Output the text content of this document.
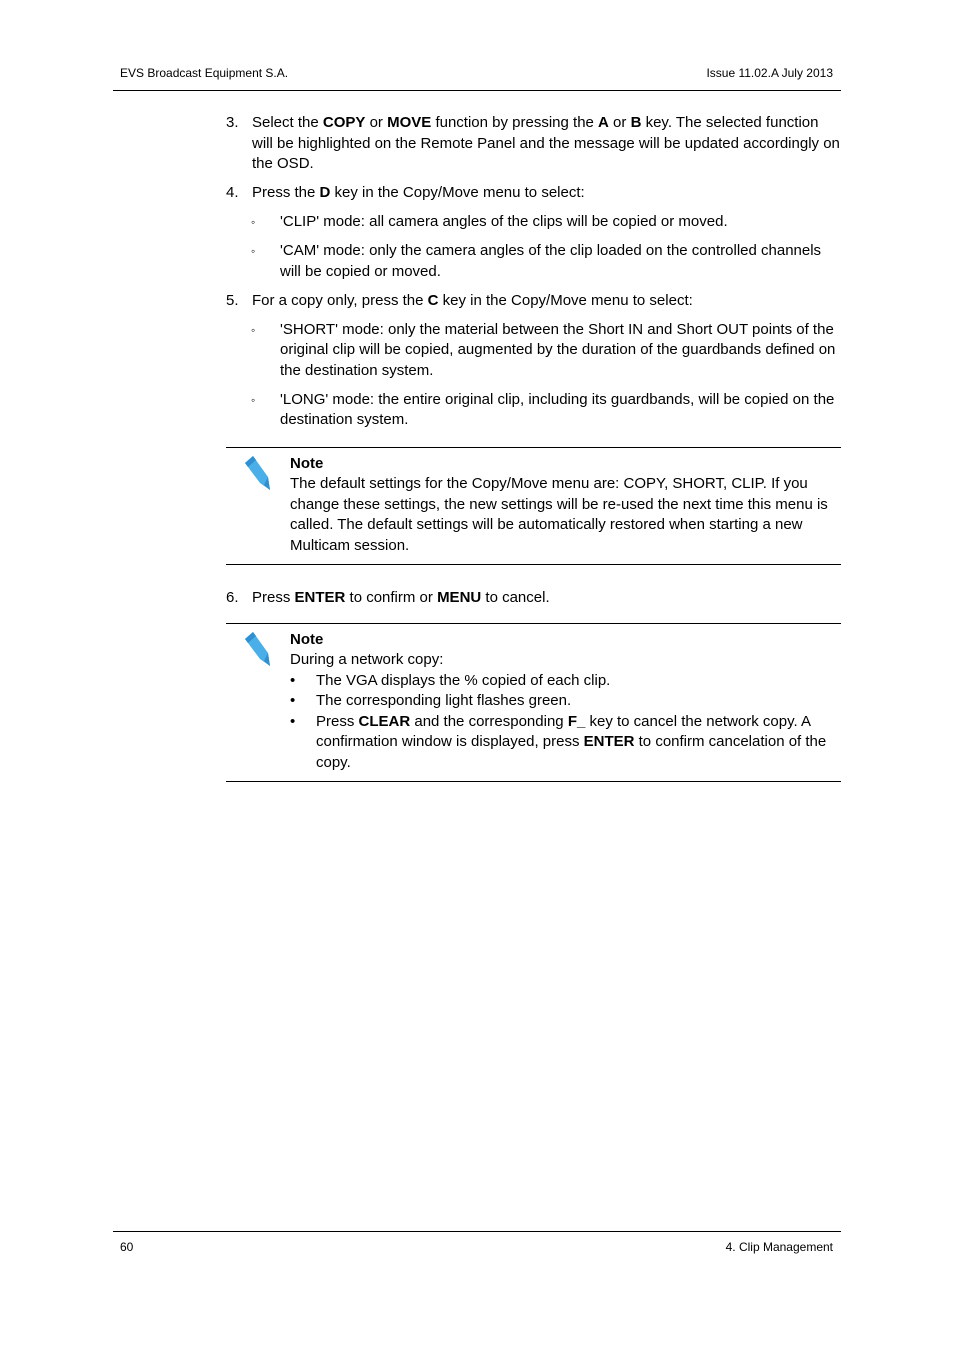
EVS Broadcast Equipment S.A.	Issue 11.02.A July 2013
3. Select the COPY or MOVE function by pressing the A or B key. The selected function will be highlighted on the Remote Panel and the message will be updated accordingly on the OSD.
4. Press the D key in the Copy/Move menu to select:
◦ 'CLIP' mode: all camera angles of the clips will be copied or moved.
◦ 'CAM' mode: only the camera angles of the clip loaded on the controlled channels will be copied or moved.
5. For a copy only, press the C key in the Copy/Move menu to select:
◦ 'SHORT' mode: only the material between the Short IN and Short OUT points of the original clip will be copied, augmented by the duration of the guardbands defined on the destination system.
◦ 'LONG' mode: the entire original clip, including its guardbands, will be copied on the destination system.
Note
The default settings for the Copy/Move menu are: COPY, SHORT, CLIP. If you change these settings, the new settings will be re-used the next time this menu is called. The default settings will be automatically restored when starting a new Multicam session.
6. Press ENTER to confirm or MENU to cancel.
Note
During a network copy:
• The VGA displays the % copied of each clip.
• The corresponding light flashes green.
• Press CLEAR and the corresponding F_ key to cancel the network copy. A confirmation window is displayed, press ENTER to confirm cancelation of the copy.
60	4. Clip Management
